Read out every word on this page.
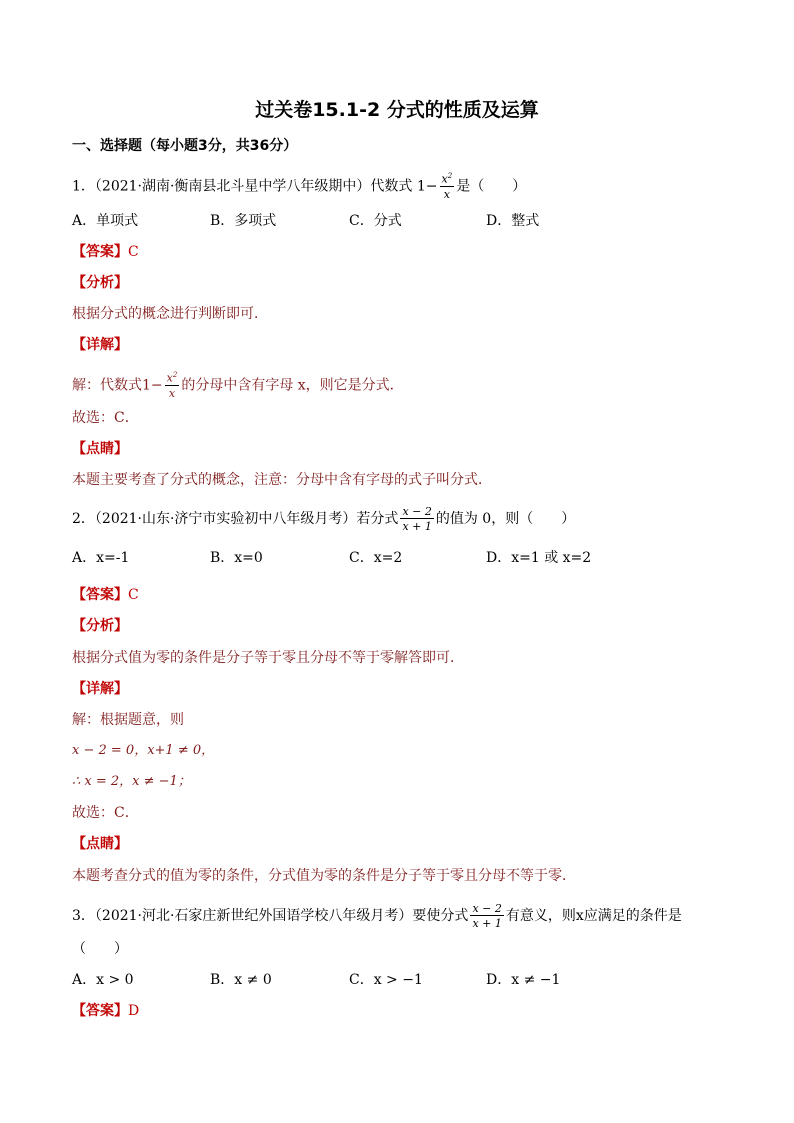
过关卷15.1-2 分式的性质及运算
一、选择题（每小题3分，共36分）
1．（2021·湖南·衡南县北斗星中学八年级期中）代数式 $1- \frac{x^2}{x}$ 是（　　）
A．单项式	B．多项式	C．分式	D．整式
【答案】C
【分析】
根据分式的概念进行判断即可．
【详解】
解：代数式$1- \frac{x^2}{x}$ 的分母中含有字母 x，则它是分式．
故选：C．
【点睛】
本题主要考查了分式的概念，注意：分母中含有字母的式子叫分式．
2．（2021·山东·济宁市实验初中八年级月考）若分式 $\frac{x - 2}{x + 1}$ 的值为 0，则（　　）
A．x=-1	B．x=0	C．x=2	D．x=1 或 x=2
【答案】C
【分析】
根据分式值为零的条件是分子等于零且分母不等于零解答即可．
【详解】
解：根据题意，则
x − 2 = 0，x+1 ≠ 0，
∴ x = 2，x ≠ −1；
故选：C．
【点睛】
本题考查分式的值为零的条件，分式值为零的条件是分子等于零且分母不等于零．
3．（2021·河北·石家庄新世纪外国语学校八年级月考）要使分式 $\frac{x - 2}{x + 1}$ 有意义，则x应满足的条件是
（　　）
A．x > 0	B．x ≠ 0	C．x > −1	D．x ≠ −1
【答案】D
